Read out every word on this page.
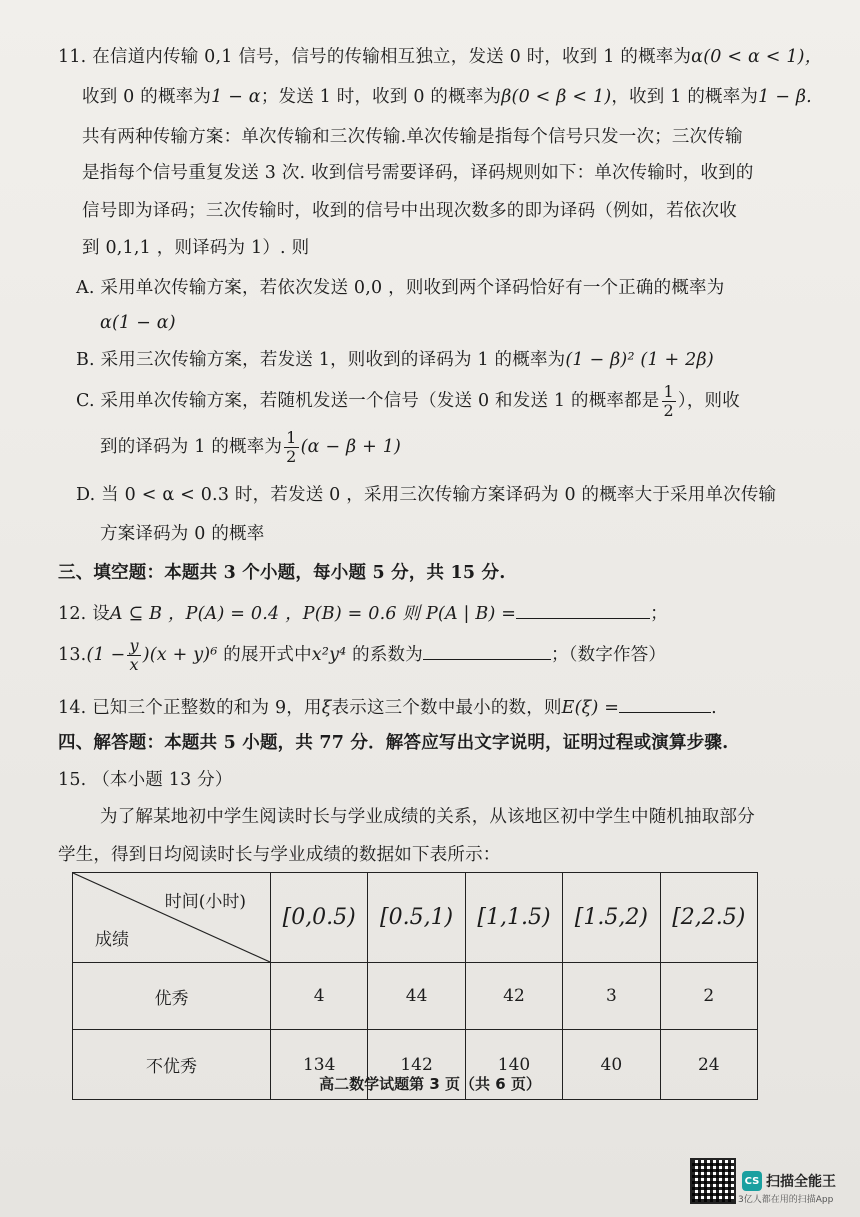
11. 在信道内传输 0,1 信号，信号的传输相互独立，发送 0 时，收到 1 的概率为α(0 < α < 1)，
收到 0 的概率为1 − α；发送 1 时，收到 0 的概率为β(0 < β < 1)，收到 1 的概率为1 − β.
共有两种传输方案：单次传输和三次传输.单次传输是指每个信号只发一次；三次传输
是指每个信号重复发送 3 次. 收到信号需要译码，译码规则如下：单次传输时，收到的
信号即为译码；三次传输时，收到的信号中出现次数多的即为译码（例如，若依次收
到 0,1,1 ，则译码为 1）. 则
A. 采用单次传输方案，若依次发送 0,0 ，则收到两个译码恰好有一个正确的概率为
α(1 − α)
B. 采用三次传输方案，若发送 1，则收到的译码为 1 的概率为(1 − β)² (1 + 2β)
C. 采用单次传输方案，若随机发送一个信号（发送 0 和发送 1 的概率都是 $\frac{1}{2}$ ），则收
到的译码为 1 的概率为 $\frac{1}{2} (\alpha - \beta + 1)$
D. 当 0 < α < 0.3 时，若发送 0 ，采用三次传输方案译码为 0 的概率大于采用单次传输
方案译码为 0 的概率
三、填空题：本题共 3 个小题，每小题 5 分，共 15 分.
12. 设A ⊆ B ，P(A) = 0.4 ，P(B) = 0.6 则 P(A | B) =	；
$13.(1 - \frac{y}{x} )(x + y)^6$ 的展开式中x²y⁴ 的系数为	；（数字作答）
14. 已知三个正整数的和为 9，用ξ表示这三个数中最小的数，则E(ξ) =	.
四、解答题：本题共 5 小题，共 77 分．解答应写出文字说明，证明过程或演算步骤.
15. （本小题 13 分）
为了解某地初中学生阅读时长与学业成绩的关系，从该地区初中学生中随机抽取部分
学生，得到日均阅读时长与学业成绩的数据如下表所示：
时间(小时)
成绩	[0,0.5)	[0.5,1)	[1,1.5)	[1.5,2)	[2,2.5)
优秀	4	44	42	3	2
不优秀	134	142	140	40	24
高二数学试题第 3 页（共 6 页）
CS 扫描全能王
3亿人都在用的扫描App
